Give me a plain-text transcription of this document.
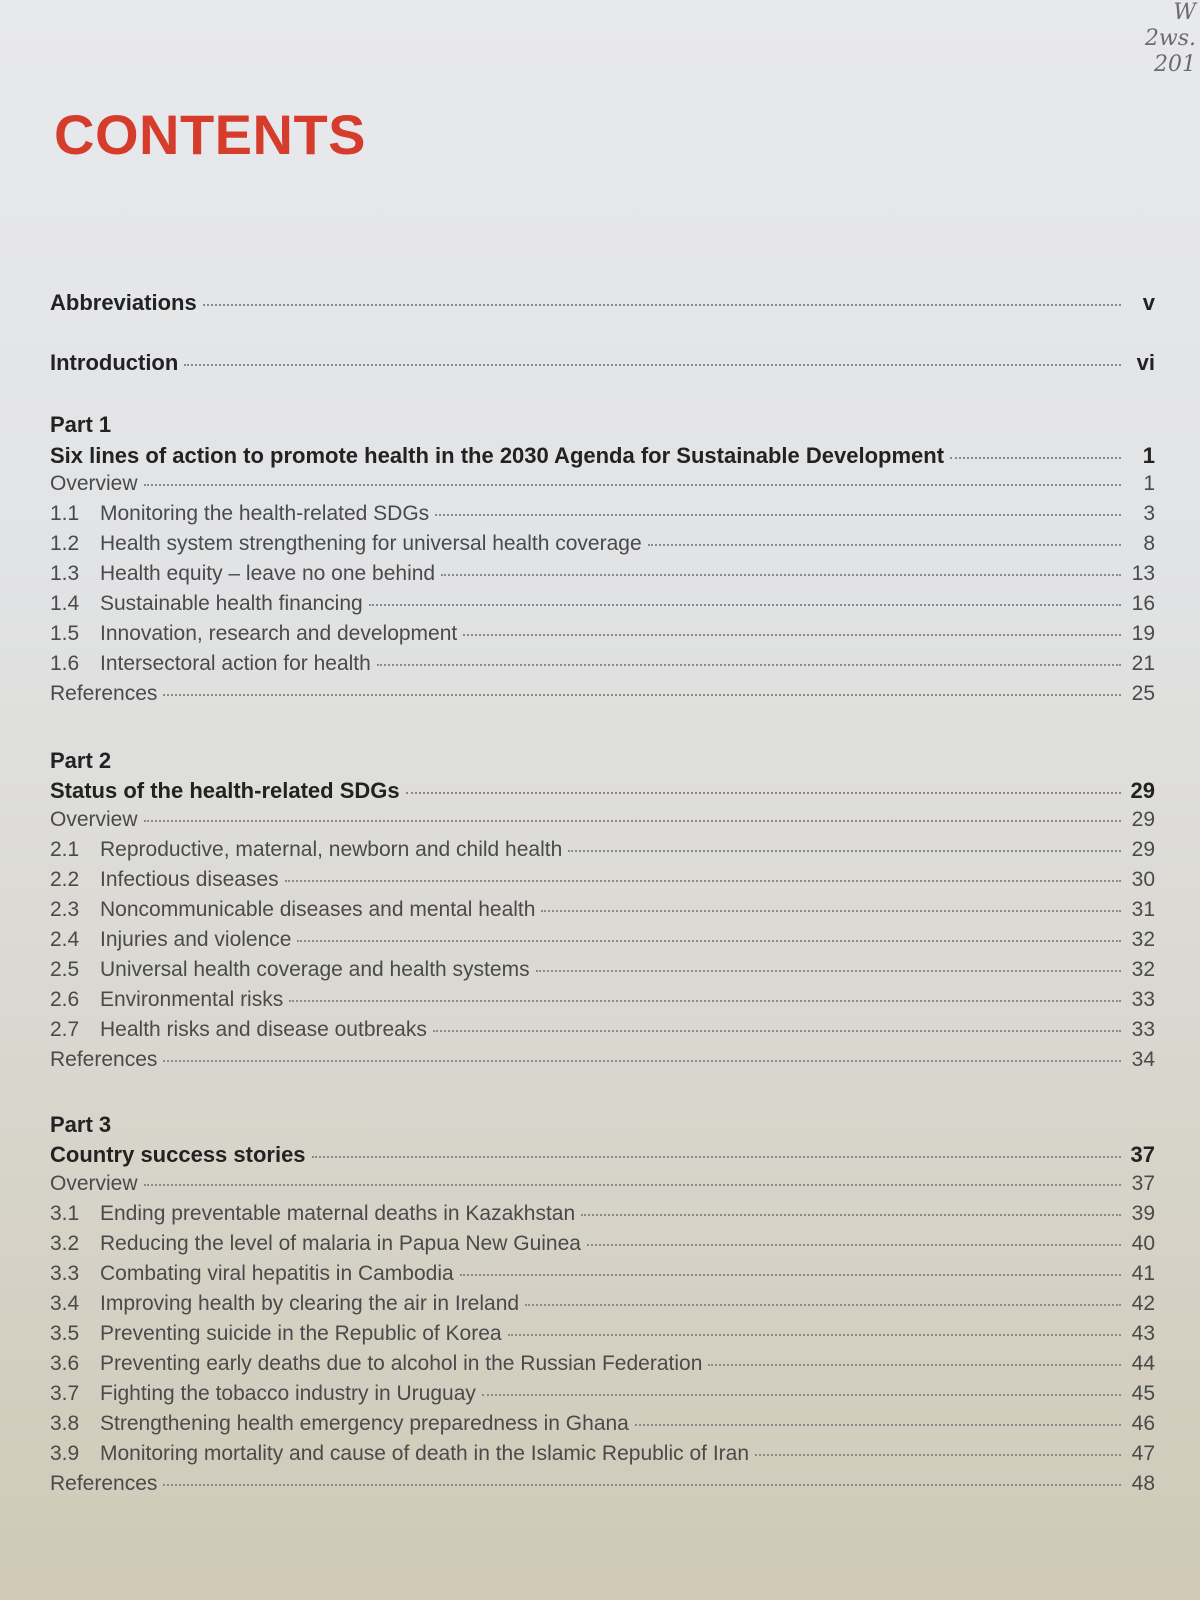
W
2ws.
201
CONTENTS
Abbreviations	v
Introduction	vi
Part 1
Six lines of action to promote health in the 2030 Agenda for Sustainable Development	1
Overview	1
1.1 Monitoring the health-related SDGs	3
1.2 Health system strengthening for universal health coverage	8
1.3 Health equity – leave no one behind	13
1.4 Sustainable health financing	16
1.5 Innovation, research and development	19
1.6 Intersectoral action for health	21
References	25
Part 2
Status of the health-related SDGs	29
Overview	29
2.1 Reproductive, maternal, newborn and child health	29
2.2 Infectious diseases	30
2.3 Noncommunicable diseases and mental health	31
2.4 Injuries and violence	32
2.5 Universal health coverage and health systems	32
2.6 Environmental risks	33
2.7 Health risks and disease outbreaks	33
References	34
Part 3
Country success stories	37
Overview	37
3.1 Ending preventable maternal deaths in Kazakhstan	39
3.2 Reducing the level of malaria in Papua New Guinea	40
3.3 Combating viral hepatitis in Cambodia	41
3.4 Improving health by clearing the air in Ireland	42
3.5 Preventing suicide in the Republic of Korea	43
3.6 Preventing early deaths due to alcohol in the Russian Federation	44
3.7 Fighting the tobacco industry in Uruguay	45
3.8 Strengthening health emergency preparedness in Ghana	46
3.9 Monitoring mortality and cause of death in the Islamic Republic of Iran	47
References	48
